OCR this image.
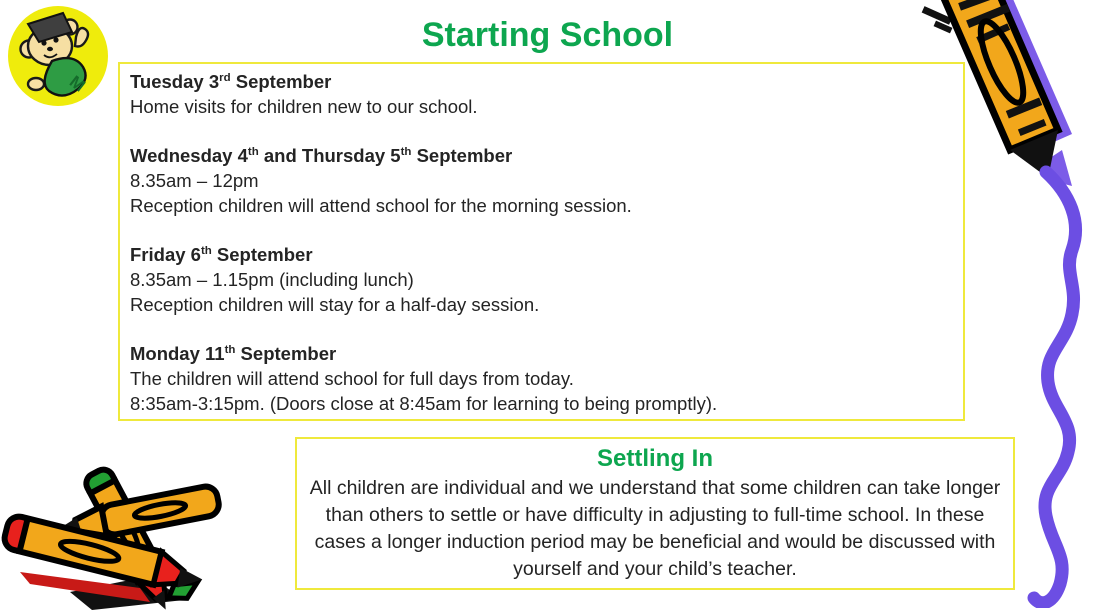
M
Starting School
Tuesday 3rd September
Home visits for children new to our school.
Wednesday 4th and Thursday 5th September
8.35am – 12pm
Reception children will attend school for the morning session.
Friday 6th September
8.35am – 1.15pm (including lunch)
Reception children will stay for a half-day session.
Monday 11th September
The children will attend school for full days from today.
8:35am-3:15pm. (Doors close at 8:45am for learning to being promptly).
Settling In
All children are individual and we understand that some children can take longer than others to settle or have difficulty in adjusting to full-time school. In these cases a longer induction period may be beneficial and would be discussed with yourself and your child’s teacher.
